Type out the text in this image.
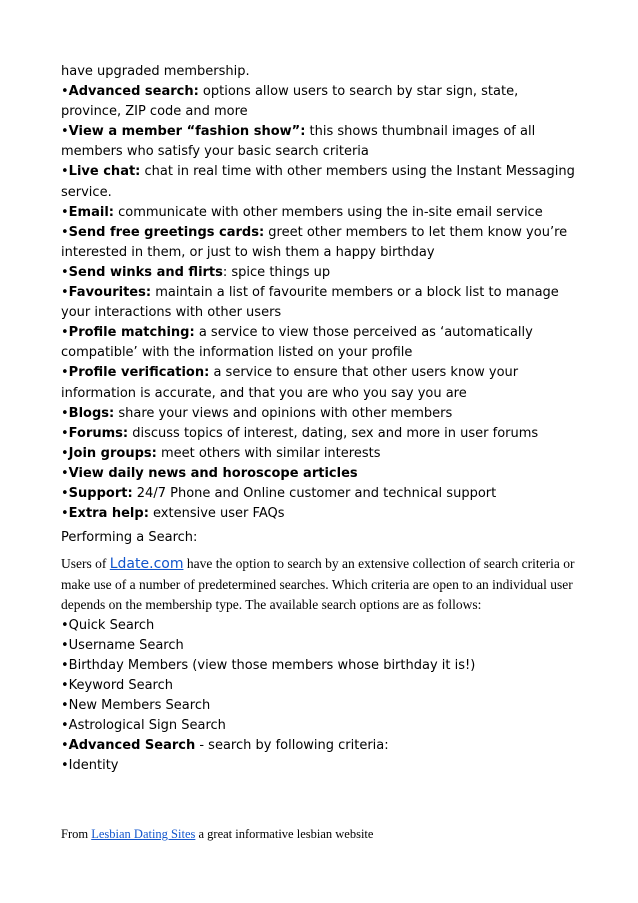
have upgraded membership.

•Advanced search: options allow users to search by star sign, state, province, ZIP code and more

•View a member “fashion show”: this shows thumbnail images of all members who satisfy your basic search criteria

•Live chat: chat in real time with other members using the Instant Messaging service.

•Email: communicate with other members using the in-site email service

•Send free greetings cards: greet other members to let them know you’re interested in them, or just to wish them a happy birthday

•Send winks and flirts: spice things up

•Favourites: maintain a list of favourite members or a block list to manage your interactions with other users

•Profile matching: a service to view those perceived as ‘automatically compatible’ with the information listed on your profile

•Profile verification: a service to ensure that other users know your information is accurate, and that you are who you say you are

•Blogs: share your views and opinions with other members

•Forums: discuss topics of interest, dating, sex and more in user forums

•Join groups: meet others with similar interests

•View daily news and horoscope articles

•Support: 24/7 Phone and Online customer and technical support

•Extra help: extensive user FAQs

Performing a Search:

Users of Ldate.com have the option to search by an extensive collection of search criteria or make use of a number of predetermined searches. Which criteria are open to an individual user depends on the membership type. The available search options are as follows:

•Quick Search

•Username Search

•Birthday Members (view those members whose birthday it is!)

•Keyword Search

•New Members Search

•Astrological Sign Search

•Advanced Search - search by following criteria:

•Identity

From Lesbian Dating Sites a great informative lesbian website
